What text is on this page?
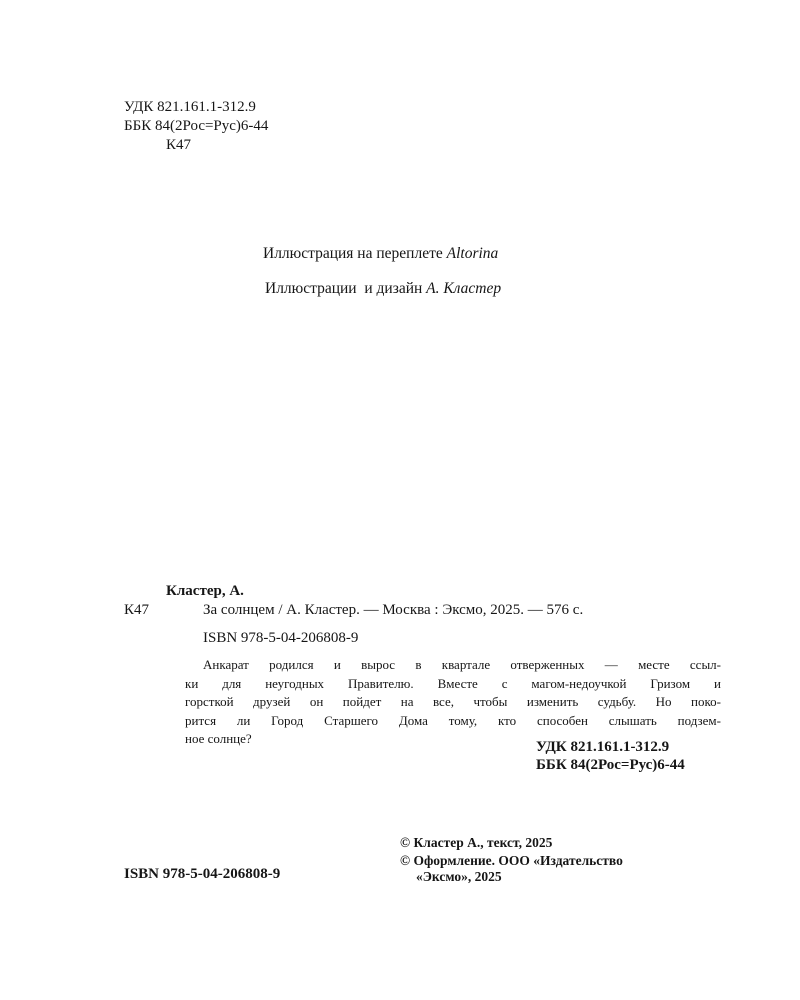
УДК 821.161.1-312.9
ББК 84(2Рос=Рус)6-44
К47
Иллюстрация на переплете Altorina
Иллюстрации  и дизайн А. Кластер
Кластер, А.
К47	За солнцем / А. Кластер. — Москва : Эксмо, 2025. — 576 с.
ISBN 978-5-04-206808-9
Анкарат родился и вырос в квартале отверженных — месте ссыл-
ки для неугодных Правителю. Вместе с магом-недоучкой Гризом и
горсткой друзей он пойдет на все, чтобы изменить судьбу. Но поко-
рится ли Город Старшего Дома тому, кто способен слышать подзем-
ное солнце?
УДК 821.161.1-312.9
ББК 84(2Рос=Рус)6-44
ISBN 978-5-04-206808-9
© Кластер А., текст, 2025
© Оформление. ООО «Издательство
«Эксмо», 2025
